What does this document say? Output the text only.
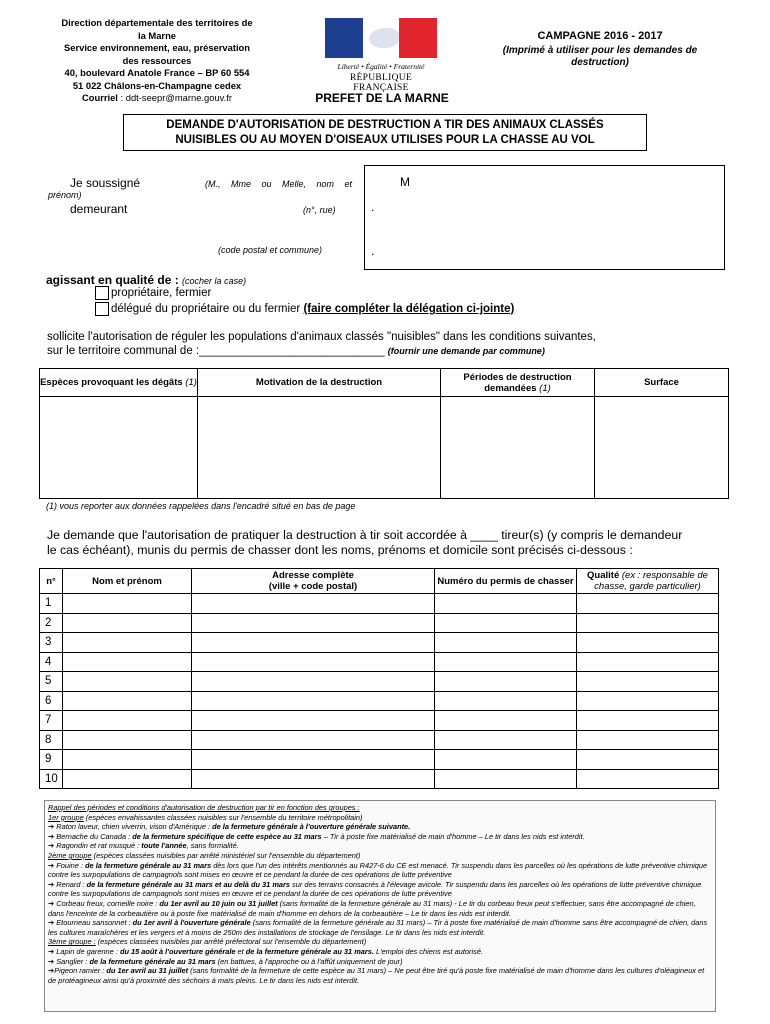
Direction départementale des territoires de
la Marne
Service environnement, eau, préservation
des ressources
40, boulevard Anatole France – BP 60 554
51 022 Châlons-en-Champagne cedex
Courriel : ddt-seepr@marne.gouv.fr
Liberté • Égalité • Fraternité
RÉPUBLIQUE FRANÇAISE
PREFET DE LA MARNE
CAMPAGNE 2016 - 2017
(Imprimé à utiliser pour les demandes de destruction)
DEMANDE D'AUTORISATION DE DESTRUCTION A TIR DES ANIMAUX CLASSÉS
NUISIBLES OU AU MOYEN D'OISEAUX UTILISES POUR LA CHASSE AU VOL
Je soussigné	(M., Mme ou Melle, nom et
prénom)
demeurant	(n°, rue)
(code postal et commune)
M
.
.
agissant en qualité de : (cocher la case)
propriétaire, fermier
délégué du propriétaire ou du fermier (faire compléter la délégation ci-jointe)
sollicite l'autorisation de réguler les populations d'animaux classés "nuisibles" dans les conditions suivantes,
sur le territoire communal de :_____________________________ (fournir une demande par commune)
Espèces provoquant les dégâts (1)	Motivation de la destruction	Périodes de destruction demandées (1)	Surface

(1) vous reporter aux données rappelées dans l'encadré situé en bas de page
Je demande que l'autorisation de pratiquer la destruction à tir soit accordée à ____ tireur(s) (y compris le demandeur
le cas échéant), munis du permis de chasser dont les noms, prénoms et domicile sont précisés ci-dessous :
n°	Nom et prénom	Adresse complète
(ville + code postal)	Numéro du permis de chasser	Qualité (ex : responsable de chasse, garde particulier)
1				
2				
3				
4				
5				
6				
7				
8				
9				
10				

Rappel des périodes et conditions d'autorisation de destruction par tir en fonction des groupes :

1er groupe (espèces envahissantes classées nuisibles sur l'ensemble du territoire métropolitain)

➔ Raton laveur, chien viverrin, vison d'Amérique : de la fermeture générale à l'ouverture générale suivante.

➔ Bernache du Canada : de la fermeture spécifique de cette espèce au 31 mars – Tir à poste fixe matérialisé de main d'homme – Le tir dans les nids est interdit.

➔ Ragondin et rat musqué : toute l'année, sans formalité.

2ème groupe (espèces classées nuisibles par arrêté ministériel sur l'ensemble du département)

➔ Fouine : de la fermeture générale au 31 mars dès lors que l'un des intérêts mentionnés au R427-6 du CE est menacé. Tir suspendu dans les parcelles où les opérations de lutte préventive chimique contre les surpopulations de campagnols sont mises en œuvre et ce pendant la durée de ces opérations de lutte préventive

➔ Renard : de la fermeture générale au 31 mars et au delà du 31 mars sur des terrains consacrés à l'élevage avicole. Tir suspendu dans les parcelles où les opérations de lutte préventive chimique contre les surpopulations de campagnols sont mises en œuvre et ce pendant la durée de ces opérations de lutte préventive

➔ Corbeau freux, corneille noire : du 1er avril au 10 juin ou 31 juillet (sans formalité de la fermeture générale au 31 mars) - Le tir du corbeau freux peut s'effectuer, sans être accompagné de chien, dans l'enceinte de la corbeautière ou à poste fixe matérialisé de main d'homme en dehors de la corbeautière – Le tir dans les nids est interdit.

➔ Etourneau sansonnet : du 1er avril à l'ouverture générale (sans formalité de la fermeture générale au 31 mars) – Tir à poste fixe matérialisé de main d'homme sans être accompagné de chien, dans les cultures maraîchères et les vergers et à moins de 250m des installations de stockage de l'ensilage. Le tir dans les nids est interdit.

3ème groupe : (espèces classées nuisibles par arrêté préfectoral sur l'ensemble du département)

➔ Lapin de garenne : du 15 août à l'ouverture générale et de la fermeture générale au 31 mars. L'emploi des chiens est autorisé.

➔ Sanglier : de la fermeture générale au 31 mars (en battues, à l'approche ou à l'affût uniquement de jour)

➔Pigeon ramier : du 1er avril au 31 juillet (sans formalité de la fermeture de cette espèce au 31 mars) – Ne peut être tiré qu'à poste fixe matérialisé de main d'homme dans les cultures d'oléagineux et de protéagineux ainsi qu'à proximité des séchoirs à maïs pleins. Le tir dans les nids est interdit.
